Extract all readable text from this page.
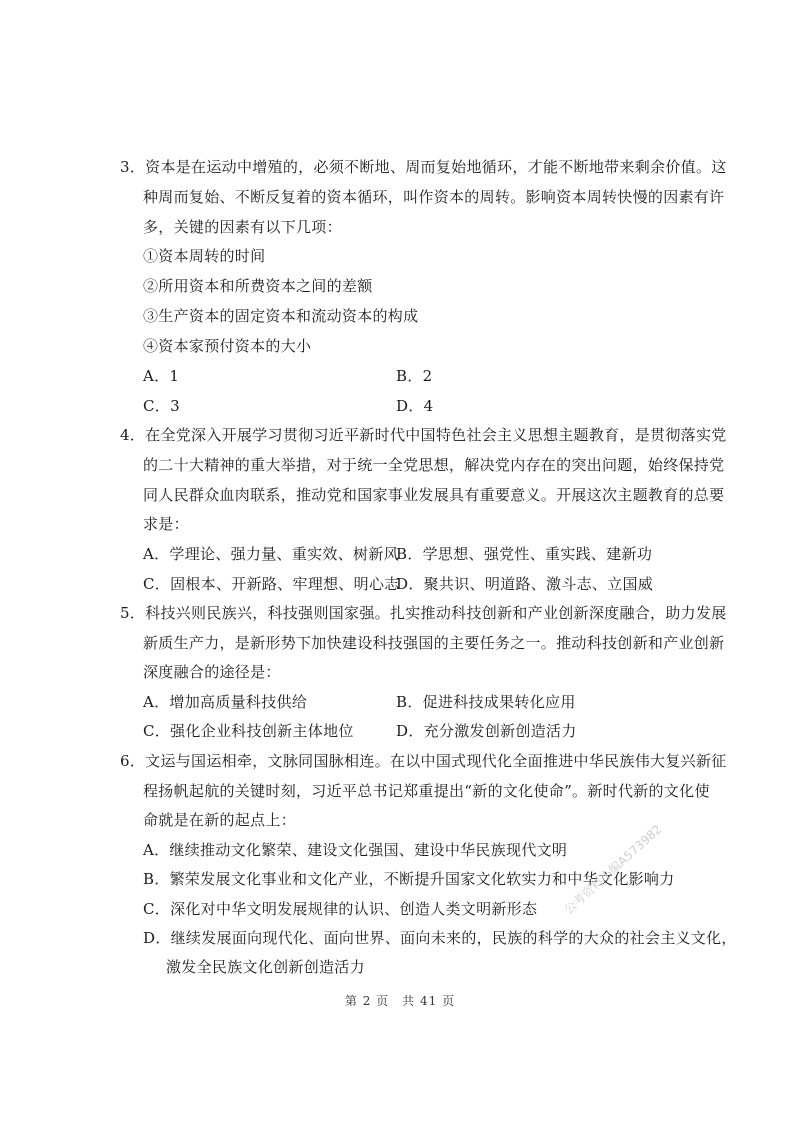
3．资本是在运动中增殖的，必须不断地、周而复始地循环，才能不断地带来剩余价值。这
种周而复始、不断反复着的资本循环，叫作资本的周转。影响资本周转快慢的因素有许
多，关键的因素有以下几项：
①资本周转的时间
②所用资本和所费资本之间的差额
③生产资本的固定资本和流动资本的构成
④资本家预付资本的大小
A．1	B．2
C．3	D．4
4．在全党深入开展学习贯彻习近平新时代中国特色社会主义思想主题教育，是贯彻落实党
的二十大精神的重大举措，对于统一全党思想，解决党内存在的突出问题，始终保持党
同人民群众血肉联系，推动党和国家事业发展具有重要意义。开展这次主题教育的总要
求是：
A．学理论、强力量、重实效、树新风
B．学思想、强党性、重实践、建新功
C．固根本、开新路、牢理想、明心志
D．聚共识、明道路、激斗志、立国威
5．科技兴则民族兴，科技强则国家强。扎实推动科技创新和产业创新深度融合，助力发展
新质生产力，是新形势下加快建设科技强国的主要任务之一。推动科技创新和产业创新
深度融合的途径是：
A．增加高质量科技供给	B．促进科技成果转化应用
C．强化企业科技创新主体地位	D．充分激发创新创造活力
6．文运与国运相牵，文脉同国脉相连。在以中国式现代化全面推进中华民族伟大复兴新征
程扬帆起航的关键时刻，习近平总书记郑重提出“新的文化使命”。新时代新的文化使
命就是在新的起点上：
A．继续推动文化繁荣、建设文化强国、建设中华民族现代文明
B．繁荣发展文化事业和文化产业，不断提升国家文化软实力和中华文化影响力
C．深化对中华文明发展规律的认识、创造人类文明新形态
D．继续发展面向现代化、面向世界、面向未来的，民族的科学的大众的社会主义文化，
激发全民族文化创新创造活力
第 2 页　共 41 页
公考资料小编A573982
